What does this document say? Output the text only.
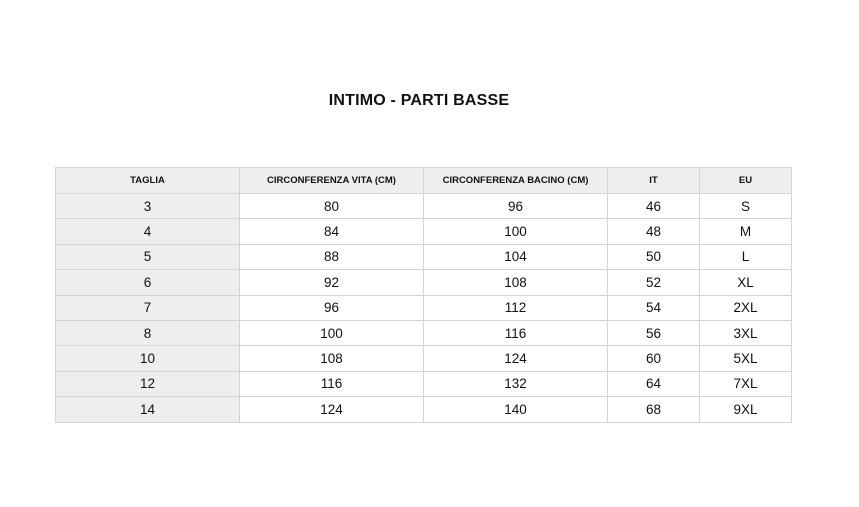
INTIMO - PARTI BASSE
TAGLIA	CIRCONFERENZA VITA (CM)	CIRCONFERENZA BACINO (CM)	IT	EU
3	80	96	46	S
4	84	100	48	M
5	88	104	50	L
6	92	108	52	XL
7	96	112	54	2XL
8	100	116	56	3XL
10	108	124	60	5XL
12	116	132	64	7XL
14	124	140	68	9XL
